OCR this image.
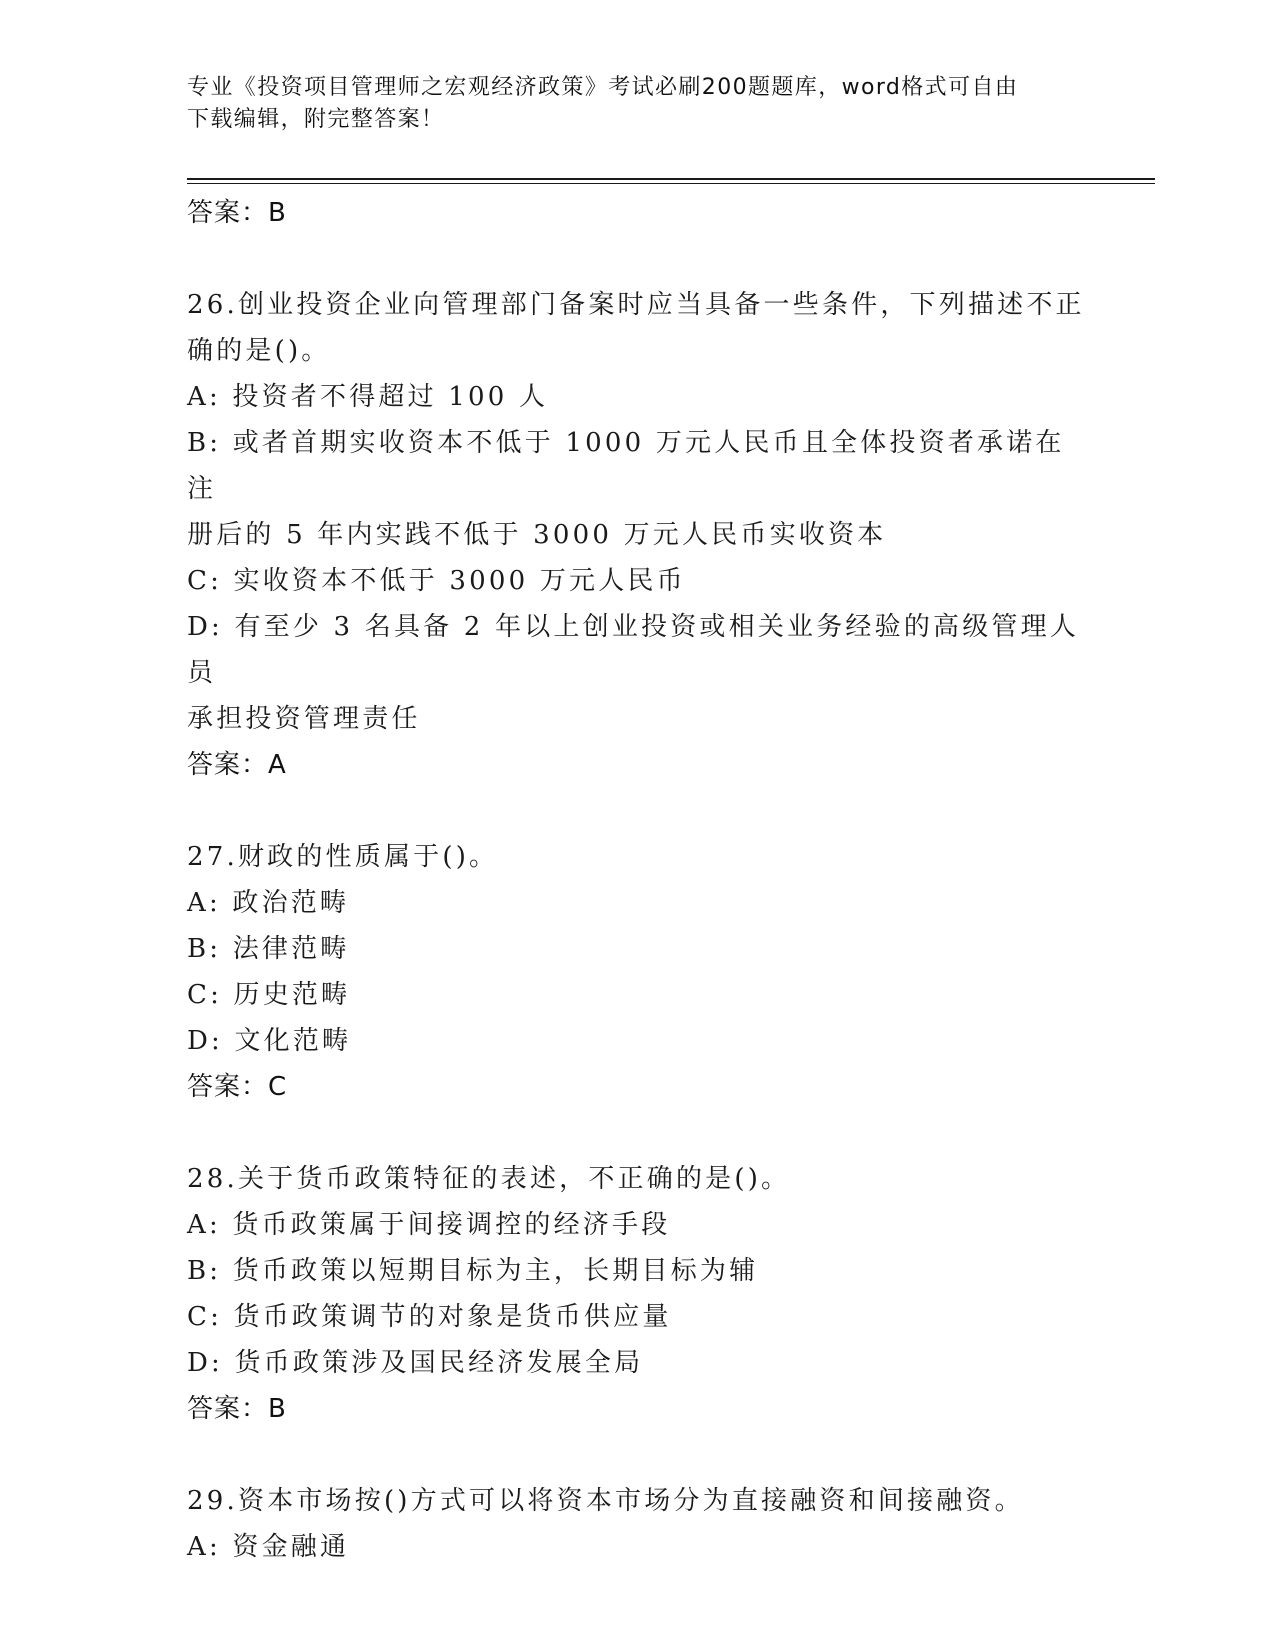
专业《投资项目管理师之宏观经济政策》考试必刷200题题库，word格式可自由
下载编辑，附完整答案！
答案：B
26.创业投资企业向管理部门备案时应当具备一些条件，下列描述不正
确的是()。
A: 投资者不得超过 100 人
B: 或者首期实收资本不低于 1000 万元人民币且全体投资者承诺在注
册后的 5 年内实践不低于 3000 万元人民币实收资本
C: 实收资本不低于 3000 万元人民币
D: 有至少 3 名具备 2 年以上创业投资或相关业务经验的高级管理人员
承担投资管理责任
答案：A
27.财政的性质属于()。
A: 政治范畴
B: 法律范畴
C: 历史范畴
D: 文化范畴
答案：C
28.关于货币政策特征的表述，不正确的是()。
A: 货币政策属于间接调控的经济手段
B: 货币政策以短期目标为主，长期目标为辅
C: 货币政策调节的对象是货币供应量
D: 货币政策涉及国民经济发展全局
答案：B
29.资本市场按()方式可以将资本市场分为直接融资和间接融资。
A: 资金融通
